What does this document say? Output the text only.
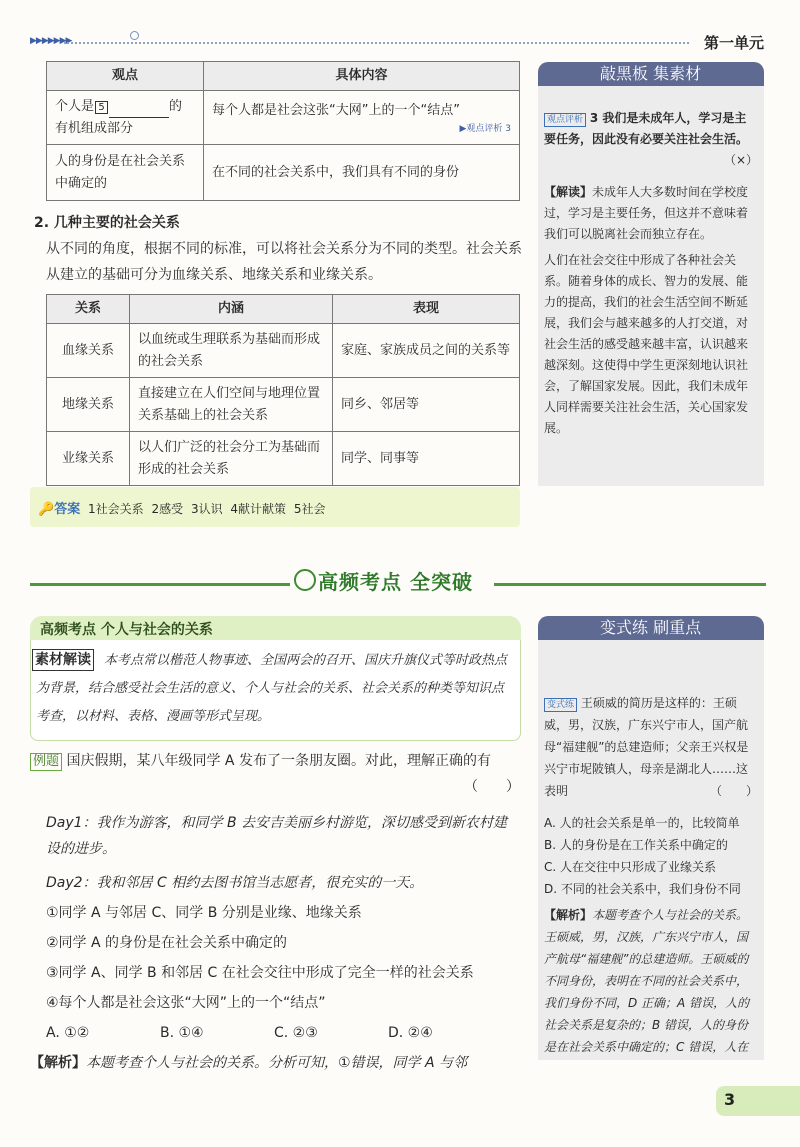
▶▶▶▶▶▶▶	第一单元
观点	具体内容
个人是 5 的有机组成部分	每个人都是社会这张“大网”上的一个“结点”
▶观点评析 3

人的身份是在社会关系中确定的	在不同的社会关系中，我们具有不同的身份
2. 几种主要的社会关系
从不同的角度，根据不同的标准，可以将社会关系分为不同的类型。社会关系从建立的基础可分为血缘关系、地缘关系和业缘关系。
关系	内涵	表现
血缘关系	以血统或生理联系为基础而形成的社会关系	家庭、家族成员之间的关系等
地缘关系	直接建立在人们空间与地理位置关系基础上的社会关系	同乡、邻居等
业缘关系	以人们广泛的社会分工为基础而形成的社会关系	同学、同事等
🔑答案 1社会关系 2感受 3认识 4献计献策 5社会
敲黑板 集素材
观点评析 3 我们是未成年人，学习是主要任务，因此没有必要关注社会生活。
（×）
【解读】未成年人大多数时间在学校度过，学习是主要任务，但这并不意味着我们可以脱离社会而独立存在。
人们在社会交往中形成了各种社会关系。随着身体的成长、智力的发展、能力的提高，我们的社会生活空间不断延展，我们会与越来越多的人打交道，对社会生活的感受越来越丰富，认识越来越深刻。这使得中学生更深刻地认识社会，了解国家发展。因此，我们未成年人同样需要关注社会生活，关心国家发展。
高频考点 全突破
高频考点 个人与社会的关系
素材解读	本考点常以楷范人物事迹、全国两会的召开、国庆升旗仪式等时政热点为背景，结合感受社会生活的意义、个人与社会的关系、社会关系的种类等知识点考查，以材料、表格、漫画等形式呈现。
例题 国庆假期，某八年级同学 A 发布了一条朋友圈。对此，理解正确的有
（　　）
Day1：我作为游客，和同学 B 去安吉美丽乡村游览，深切感受到新农村建设的进步。
Day2：我和邻居 C 相约去图书馆当志愿者，很充实的一天。
①同学 A 与邻居 C、同学 B 分别是业缘、地缘关系
②同学 A 的身份是在社会关系中确定的
③同学 A、同学 B 和邻居 C 在社会交往中形成了完全一样的社会关系
④每个人都是社会这张“大网”上的一个“结点”
A. ①②	B. ①④	C. ②③	D. ②④
【解析】本题考查个人与社会的关系。分析可知，①错误，同学 A 与邻
变式练 刷重点
变式练 王硕威的简历是这样的：王硕威，男，汉族，广东兴宁市人，国产航母“福建舰”的总建造师；父亲王兴权是兴宁市坭陂镇人，母亲是湖北人……这表明	（　　）
A. 人的社会关系是单一的，比较简单
B. 人的身份是在工作关系中确定的
C. 人在交往中只形成了业缘关系
D. 不同的社会关系中，我们身份不同
【解析】本题考查个人与社会的关系。王硕威，男，汉族，广东兴宁市人，国产航母“福建舰”的总建造师。王硕威的不同身份，表明在不同的社会关系中，我们身份不同，D 正确；A 错误，人的社会关系是复杂的；B 错误，人的身份是在社会关系中确定的；C 错误，人在
3
